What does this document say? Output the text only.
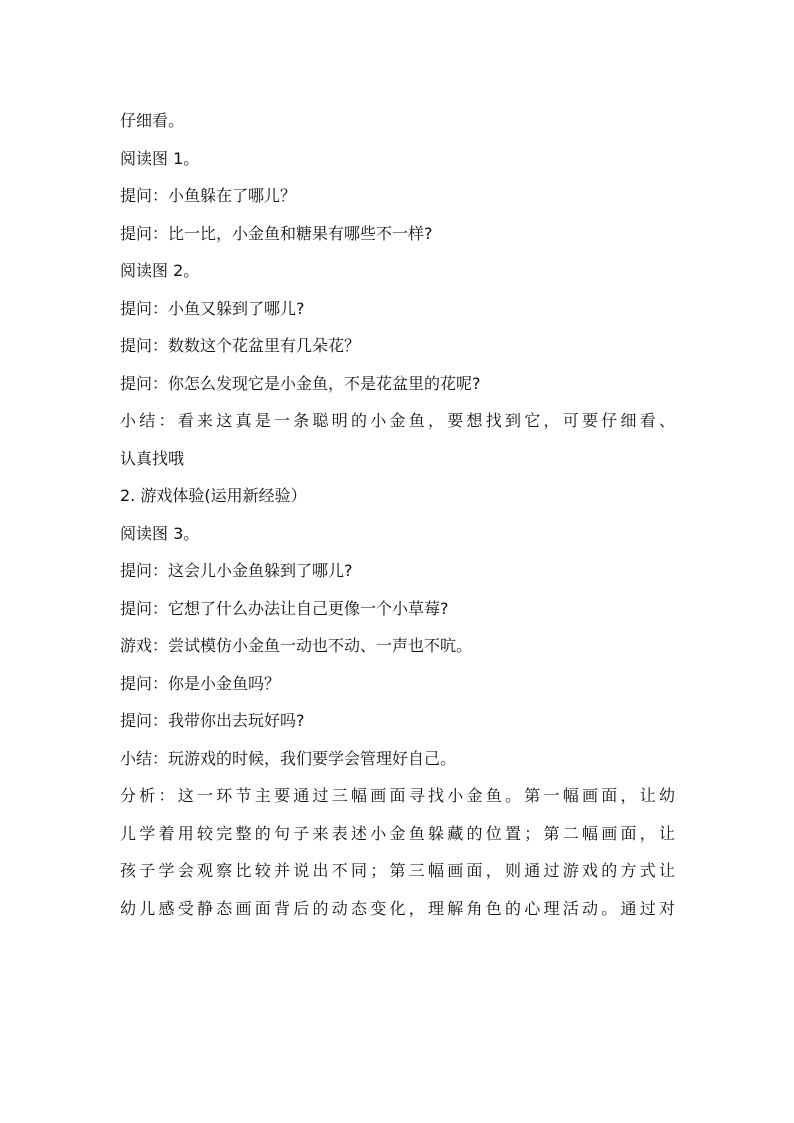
仔细看。

阅读图 1。

提问：小鱼躲在了哪儿？

提问：比一比，小金鱼和糖果有哪些不一样?

阅读图 2。

提问：小鱼又躲到了哪儿?

提问：数数这个花盆里有几朵花？

提问：你怎么发现它是小金鱼，不是花盆里的花呢?

小结：看来这真是一条聪明的小金鱼，要想找到它，可要仔细看、

认真找哦

2. 游戏体验(运用新经验）

阅读图 3。

提问：这会儿小金鱼躲到了哪儿?

提问：它想了什么办法让自己更像一个小草莓?

游戏：尝试模仿小金鱼一动也不动、一声也不吭。

提问：你是小金鱼吗？

提问：我带你出去玩好吗?

小结：玩游戏的时候，我们要学会管理好自己。

分析：这一环节主要通过三幅画面寻找小金鱼。第一幅画面，让幼

儿学着用较完整的句子来表述小金鱼躲藏的位置；第二幅画面，让

孩子学会观察比较并说出不同；第三幅画面，则通过游戏的方式让

幼儿感受静态画面背后的动态变化，理解角色的心理活动。通过对
